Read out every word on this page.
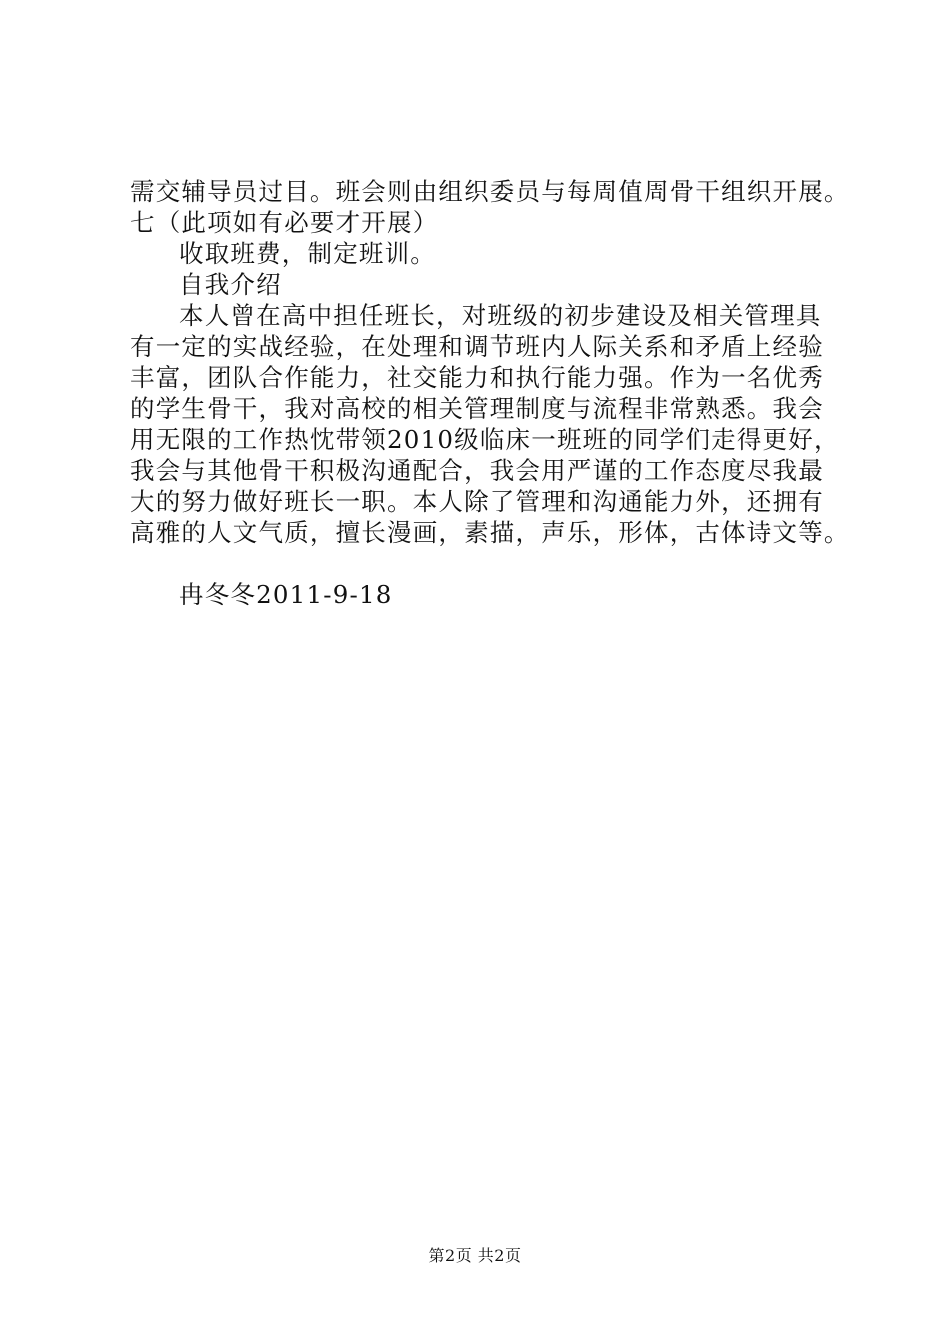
需交辅导员过目。班会则由组织委员与每周值周骨干组织开展。
七（此项如有必要才开展）
收取班费，制定班训。
自我介绍
本人曾在高中担任班长，对班级的初步建设及相关管理具
有一定的实战经验，在处理和调节班内人际关系和矛盾上经验
丰富，团队合作能力，社交能力和执行能力强。作为一名优秀
的学生骨干，我对高校的相关管理制度与流程非常熟悉。我会
用无限的工作热忱带领2010级临床一班班的同学们走得更好，
我会与其他骨干积极沟通配合，我会用严谨的工作态度尽我最
大的努力做好班长一职。本人除了管理和沟通能力外，还拥有
高雅的人文气质，擅长漫画，素描，声乐，形体，古体诗文等。
冉冬冬2011-9-18
第2页 共2页
